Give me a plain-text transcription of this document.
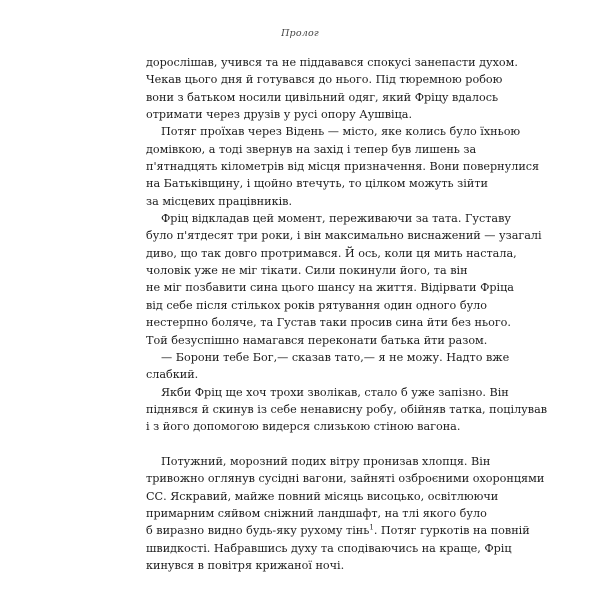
Пролог
дорослішав, учився та не піддавався спокусі занепасти духом.
Чекав цього дня й готувався до нього. Під тюремною робою
вони з батьком носили цивільний одяг, який Фріцу вдалось
отримати через друзів у русі опору Аушвіца.
Потяг проїхав через Відень — місто, яке колись було їхньою
домівкою, а тоді звернув на захід і тепер був лишень за
п'ятнадцять кілометрів від місця призначення. Вони повернулися
на Батьківщину, і щойно втечуть, то цілком можуть зійти
за місцевих працівників.
Фріц відкладав цей момент, переживаючи за тата. Густаву
було п'ятдесят три роки, і він максимально виснажений — узагалі
диво, що так довго протримався. Й ось, коли ця мить настала,
чоловік уже не міг тікати. Сили покинули його, та він
не міг позбавити сина цього шансу на життя. Відірвати Фріца
від себе після стількох років рятування один одного було
нестерпно боляче, та Густав таки просив сина йти без нього.
Той безуспішно намагався переконати батька йти разом.
— Борони тебе Бог,— сказав тато,— я не можу. Надто вже
слабкий.
Якби Фріц ще хоч трохи зволікав, стало б уже запізно. Він
піднявся й скинув із себе ненависну робу, обійняв татка, поцілував
і з його допомогою видерся слизькою стіною вагона.
Потужний, морозний подих вітру пронизав хлопця. Він
тривожно оглянув сусідні вагони, зайняті озброєними охоронцями
СС. Яскравий, майже повний місяць висоцько, освітлюючи
примарним сяйвом сніжний ландшафт, на тлі якого було
б виразно видно будь-яку рухому тінь$^1$. Потяг гуркотів на повній
швидкості. Набравшись духу та сподіваючись на краще, Фріц
кинувся в повітря крижаної ночі.
